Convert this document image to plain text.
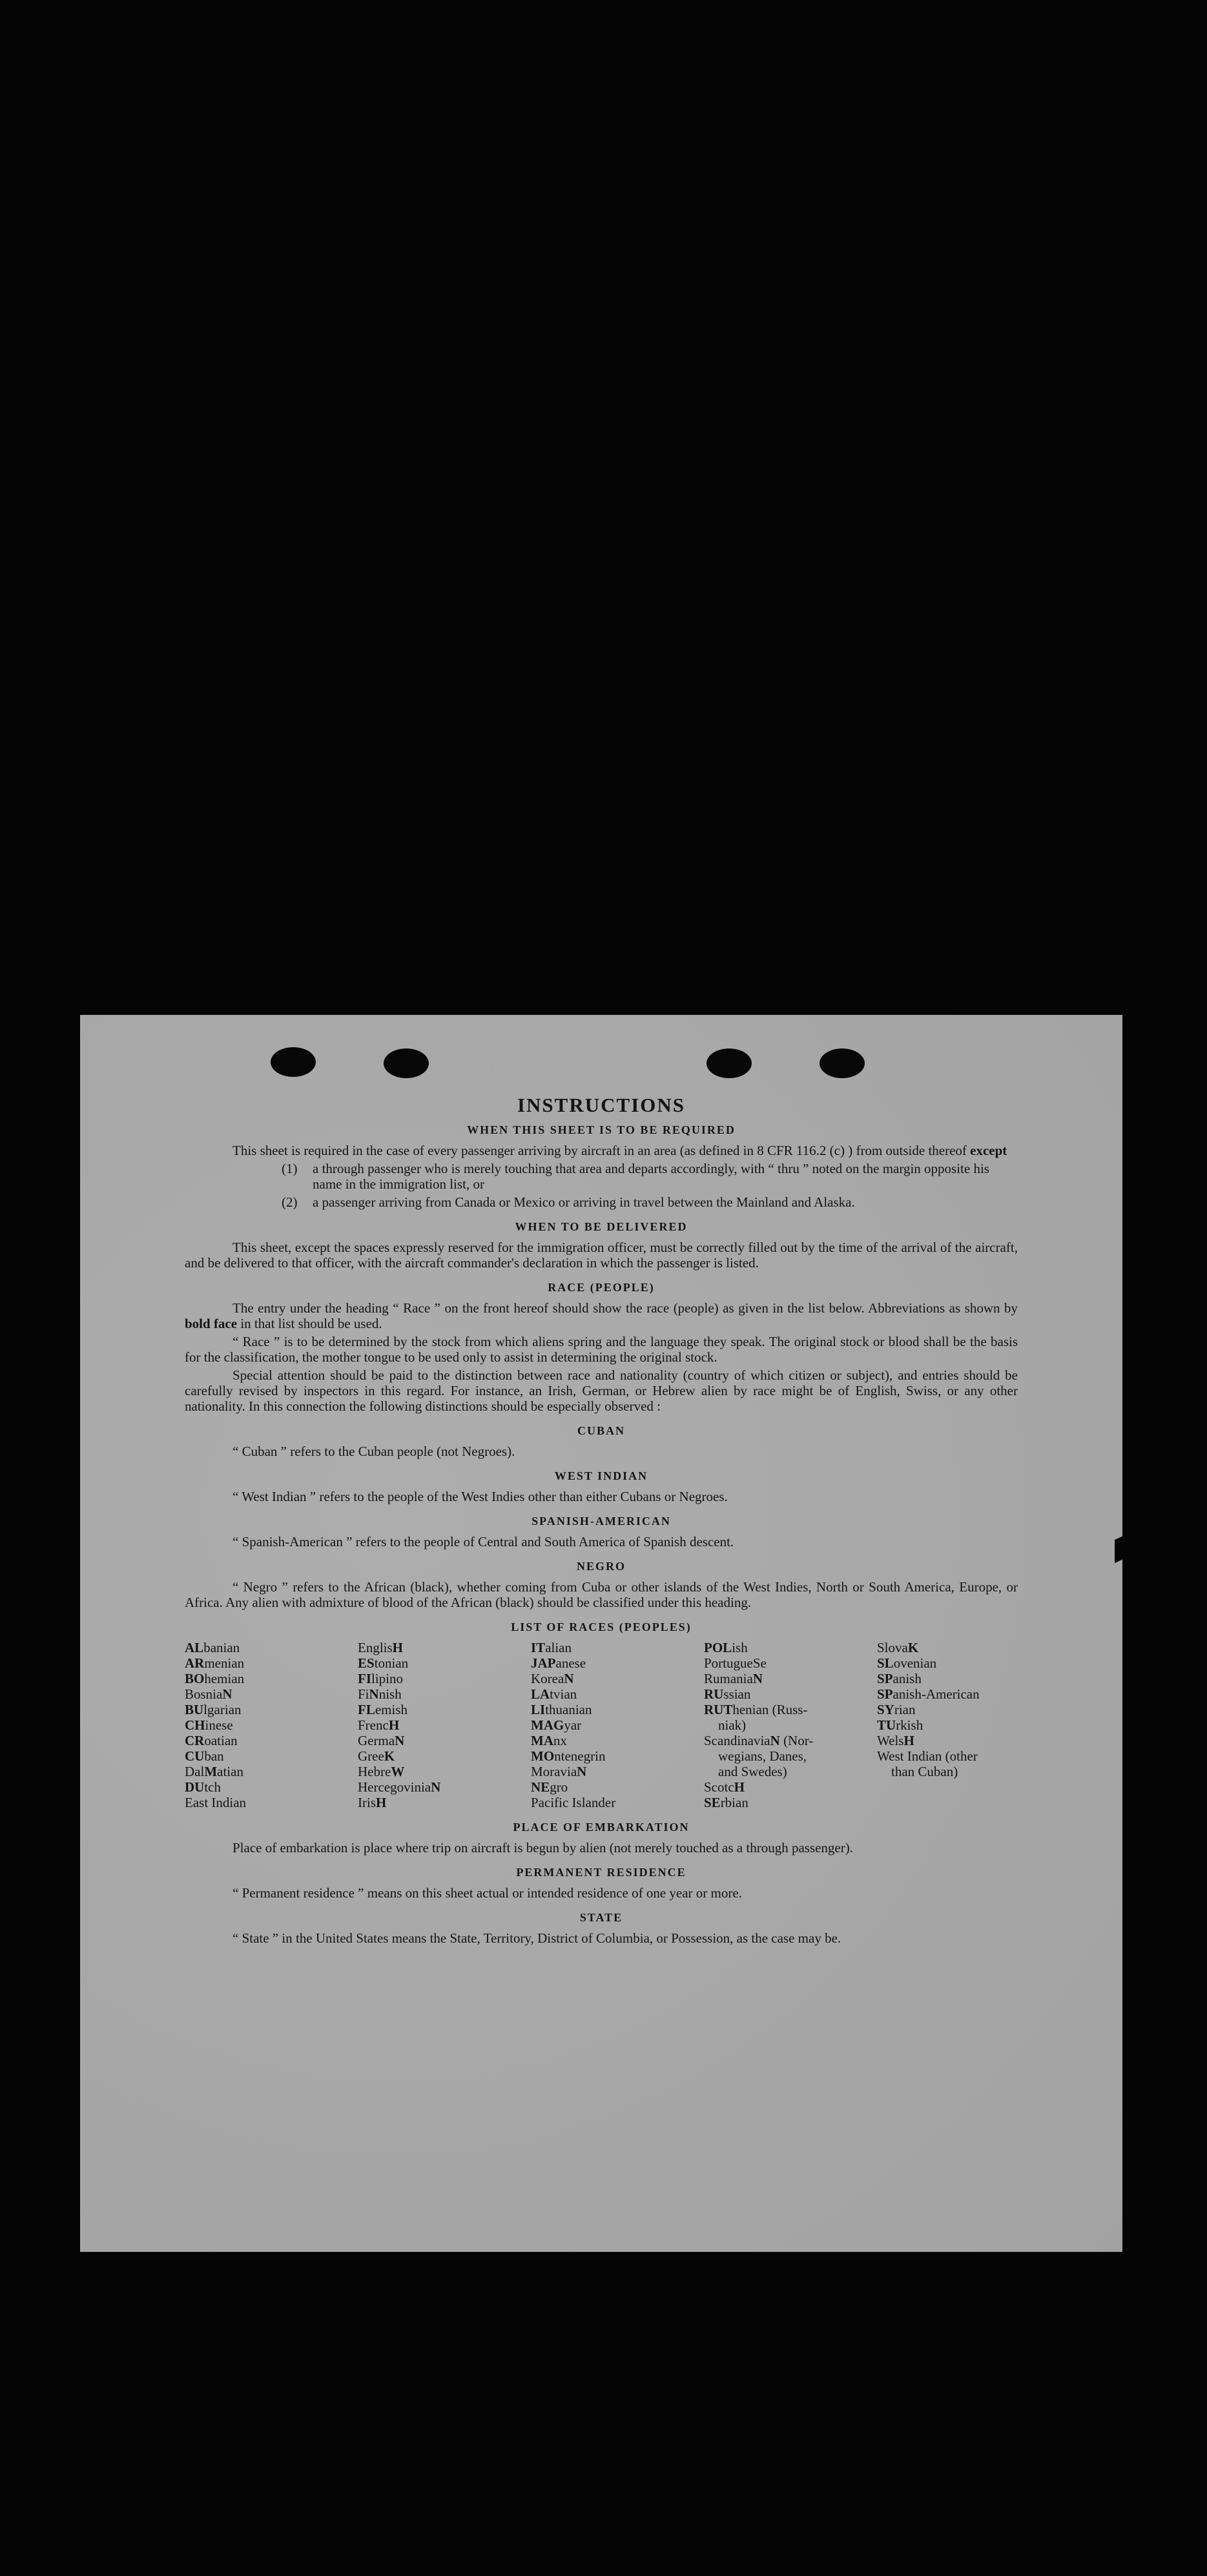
INSTRUCTIONS
WHEN THIS SHEET IS TO BE REQUIRED

This sheet is required in the case of every passenger arriving by aircraft in an area (as defined in 8 CFR 116.2 (c) ) from outside thereof except

(1)	a through passenger who is merely touching that area and departs accordingly, with “ thru ” noted on the margin opposite his name in the immigration list, or
(2)	a passenger arriving from Canada or Mexico or arriving in travel between the Mainland and Alaska.
WHEN TO BE DELIVERED

This sheet, except the spaces expressly reserved for the immigration officer, must be correctly filled out by the time of the arrival of the aircraft, and be delivered to that officer, with the aircraft commander's declaration in which the passenger is listed.

RACE (PEOPLE)

The entry under the heading “ Race ” on the front hereof should show the race (people) as given in the list below. Abbreviations as shown by bold face in that list should be used.

“ Race ” is to be determined by the stock from which aliens spring and the language they speak. The original stock or blood shall be the basis for the classification, the mother tongue to be used only to assist in determining the original stock.

Special attention should be paid to the distinction between race and nationality (country of which citizen or subject), and entries should be carefully revised by inspectors in this regard. For instance, an Irish, German, or Hebrew alien by race might be of English, Swiss, or any other nationality. In this connection the following distinctions should be especially observed :

CUBAN

“ Cuban ” refers to the Cuban people (not Negroes).

WEST INDIAN

“ West Indian ” refers to the people of the West Indies other than either Cubans or Negroes.

SPANISH-AMERICAN

“ Spanish-American ” refers to the people of Central and South America of Spanish descent.

NEGRO

“ Negro ” refers to the African (black), whether coming from Cuba or other islands of the West Indies, North or South America, Europe, or Africa. Any alien with admixture of blood of the African (black) should be classified under this heading.

LIST OF RACES (PEOPLES)
ALbanian
ARmenian
BOhemian
BosniaN
BUlgarian
CHinese
CRoatian
CUban
DalMatian
DUtch
East Indian
EnglisH
EStonian
FIlipino
FiNnish
FLemish
FrencH
GermaN
GreeK
HebreW
HercegoviniaN
IrisH
ITalian
JAPanese
KoreaN
LAtvian
LIthuanian
MAGyar
MAnx
MOntenegrin
MoraviaN
NEgro
Pacific Islander
POLish
PortugueSe
RumaniaN
RUssian
RUThenian (Russ-
niak)
ScandinaviaN (Nor-
wegians, Danes,
and Swedes)
ScotcH
SErbian
SlovaK
SLovenian
SPanish
SPanish-American
SYrian
TUrkish
WelsH
West Indian (other
than Cuban)
PLACE OF EMBARKATION

Place of embarkation is place where trip on aircraft is begun by alien (not merely touched as a through passenger).

PERMANENT RESIDENCE

“ Permanent residence ” means on this sheet actual or intended residence of one year or more.

STATE

“ State ” in the United States means the State, Territory, District of Columbia, or Possession, as the case may be.
